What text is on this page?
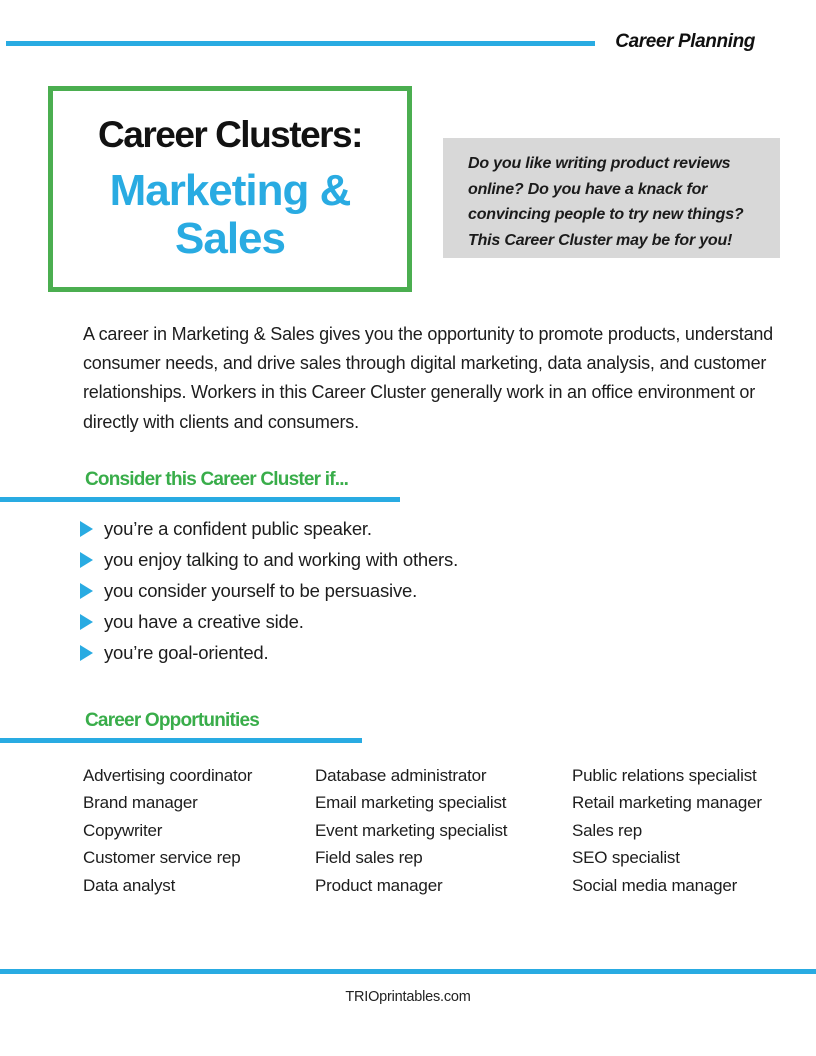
Career Planning
Career Clusters:
Marketing &
Sales
Do you like writing product reviews online? Do you have a knack for convincing people to try new things? This Career Cluster may be for you!
A career in Marketing & Sales gives you the opportunity to promote products, understand consumer needs, and drive sales through digital marketing, data analysis, and customer relationships. Workers in this Career Cluster generally work in an office environment or directly with clients and consumers.
Consider this Career Cluster if...
you’re a confident public speaker.
you enjoy talking to and working with others.
you consider yourself to be persuasive.
you have a creative side.
you’re goal-oriented.
Career Opportunities
Advertising coordinator
Brand manager
Copywriter
Customer service rep
Data analyst
Database administrator
Email marketing specialist
Event marketing specialist
Field sales rep
Product manager
Public relations specialist
Retail marketing manager
Sales rep
SEO specialist
Social media manager
TRIOprintables.com
